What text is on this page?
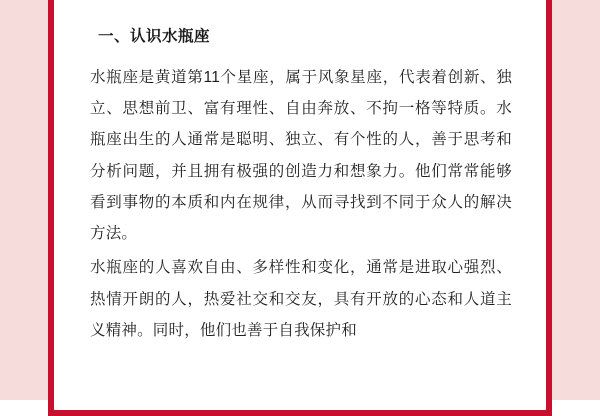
一、认识水瓶座

水瓶座是黄道第11个星座，属于风象星座，代表着创新、独立、思想前卫、富有理性、自由奔放、不拘一格等特质。水瓶座出生的人通常是聪明、独立、有个性的人，善于思考和分析问题，并且拥有极强的创造力和想象力。他们常常能够看到事物的本质和内在规律，从而寻找到不同于众人的解决方法。

水瓶座的人喜欢自由、多样性和变化，通常是进取心强烈、热情开朗的人，热爱社交和交友，具有开放的心态和人道主义精神。同时，他们也善于自我保护和
